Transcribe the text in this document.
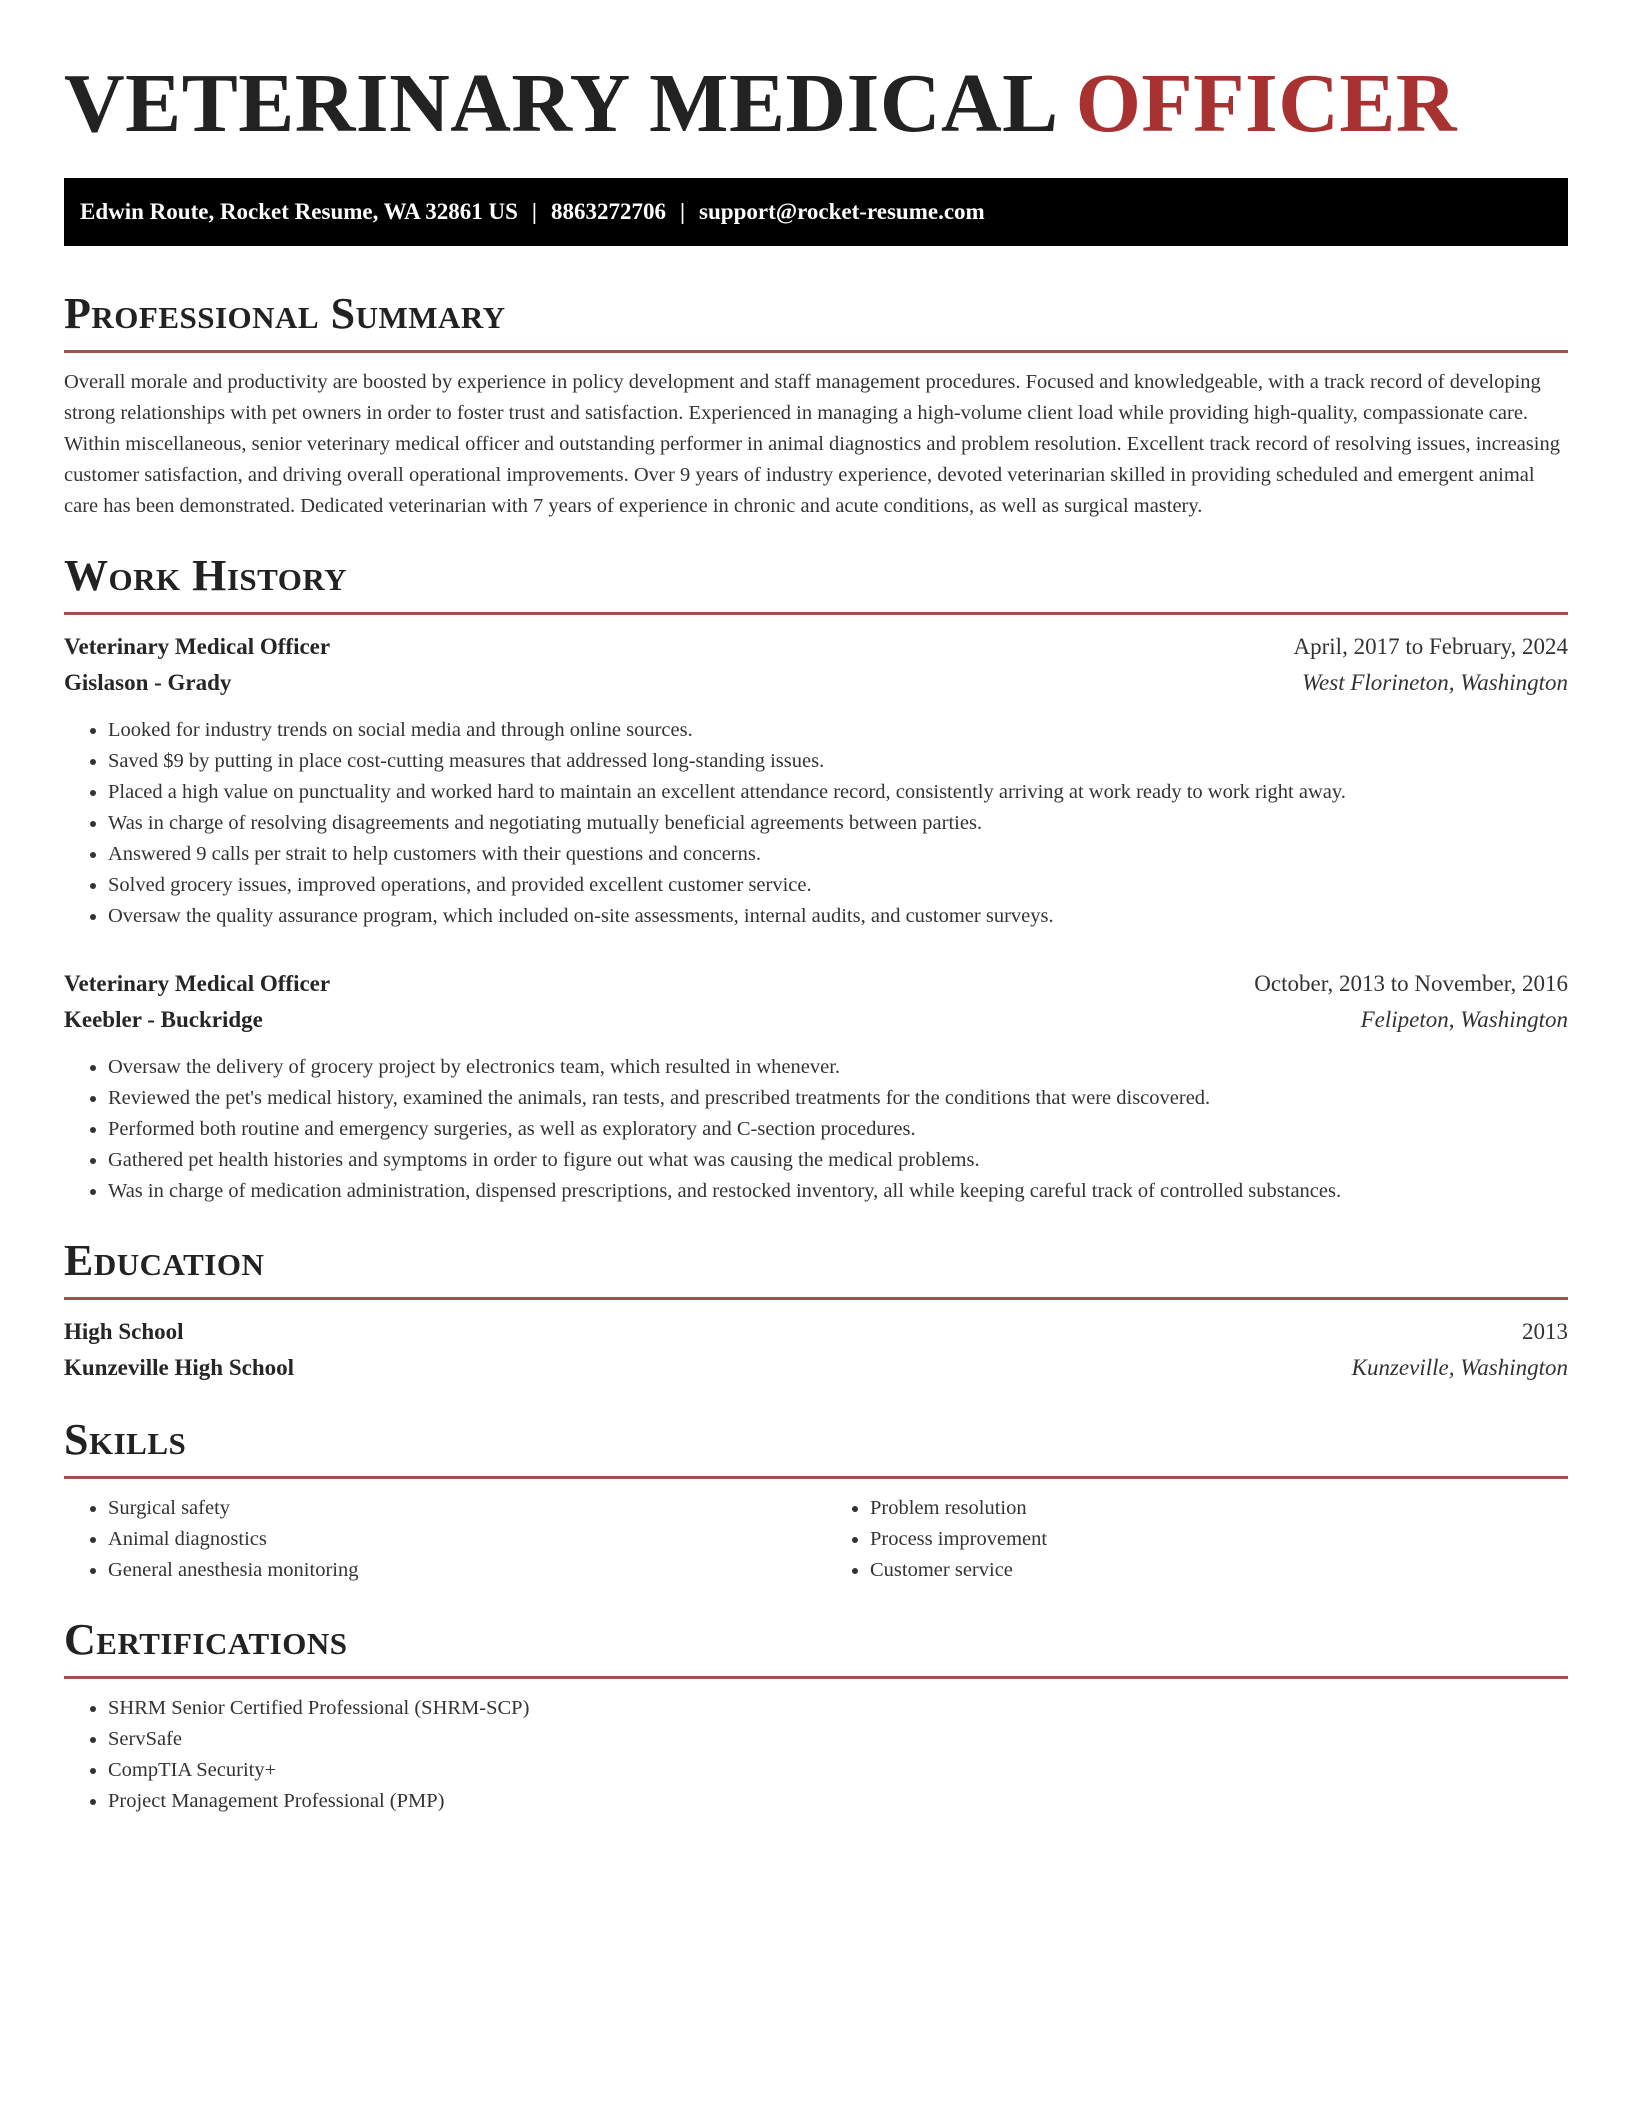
VETERINARY MEDICAL OFFICER
Edwin Route, Rocket Resume, WA 32861 US | 8863272706 | support@rocket-resume.com
Professional Summary

Overall morale and productivity are boosted by experience in policy development and staff management procedures. Focused and knowledgeable, with a track record of developing strong relationships with pet owners in order to foster trust and satisfaction. Experienced in managing a high-volume client load while providing high-quality, compassionate care. Within miscellaneous, senior veterinary medical officer and outstanding performer in animal diagnostics and problem resolution. Excellent track record of resolving issues, increasing customer satisfaction, and driving overall operational improvements. Over 9 years of industry experience, devoted veterinarian skilled in providing scheduled and emergent animal care has been demonstrated. Dedicated veterinarian with 7 years of experience in chronic and acute conditions, as well as surgical mastery.

Work History
Veterinary Medical Officer	April, 2017 to February, 2024
Gislason - Grady	West Florineton, Washington
• Looked for industry trends on social media and through online sources.
• Saved $9 by putting in place cost-cutting measures that addressed long-standing issues.
• Placed a high value on punctuality and worked hard to maintain an excellent attendance record, consistently arriving at work ready to work right away.
• Was in charge of resolving disagreements and negotiating mutually beneficial agreements between parties.
• Answered 9 calls per strait to help customers with their questions and concerns.
• Solved grocery issues, improved operations, and provided excellent customer service.
• Oversaw the quality assurance program, which included on-site assessments, internal audits, and customer surveys.
Veterinary Medical Officer	October, 2013 to November, 2016
Keebler - Buckridge	Felipeton, Washington
• Oversaw the delivery of grocery project by electronics team, which resulted in whenever.
• Reviewed the pet's medical history, examined the animals, ran tests, and prescribed treatments for the conditions that were discovered.
• Performed both routine and emergency surgeries, as well as exploratory and C-section procedures.
• Gathered pet health histories and symptoms in order to figure out what was causing the medical problems.
• Was in charge of medication administration, dispensed prescriptions, and restocked inventory, all while keeping careful track of controlled substances.
Education
High School	2013
Kunzeville High School	Kunzeville, Washington
Skills
• Surgical safety
• Animal diagnostics
• General anesthesia monitoring
• Problem resolution
• Process improvement
• Customer service
Certifications
• SHRM Senior Certified Professional (SHRM-SCP)
• ServSafe
• CompTIA Security+
• Project Management Professional (PMP)
